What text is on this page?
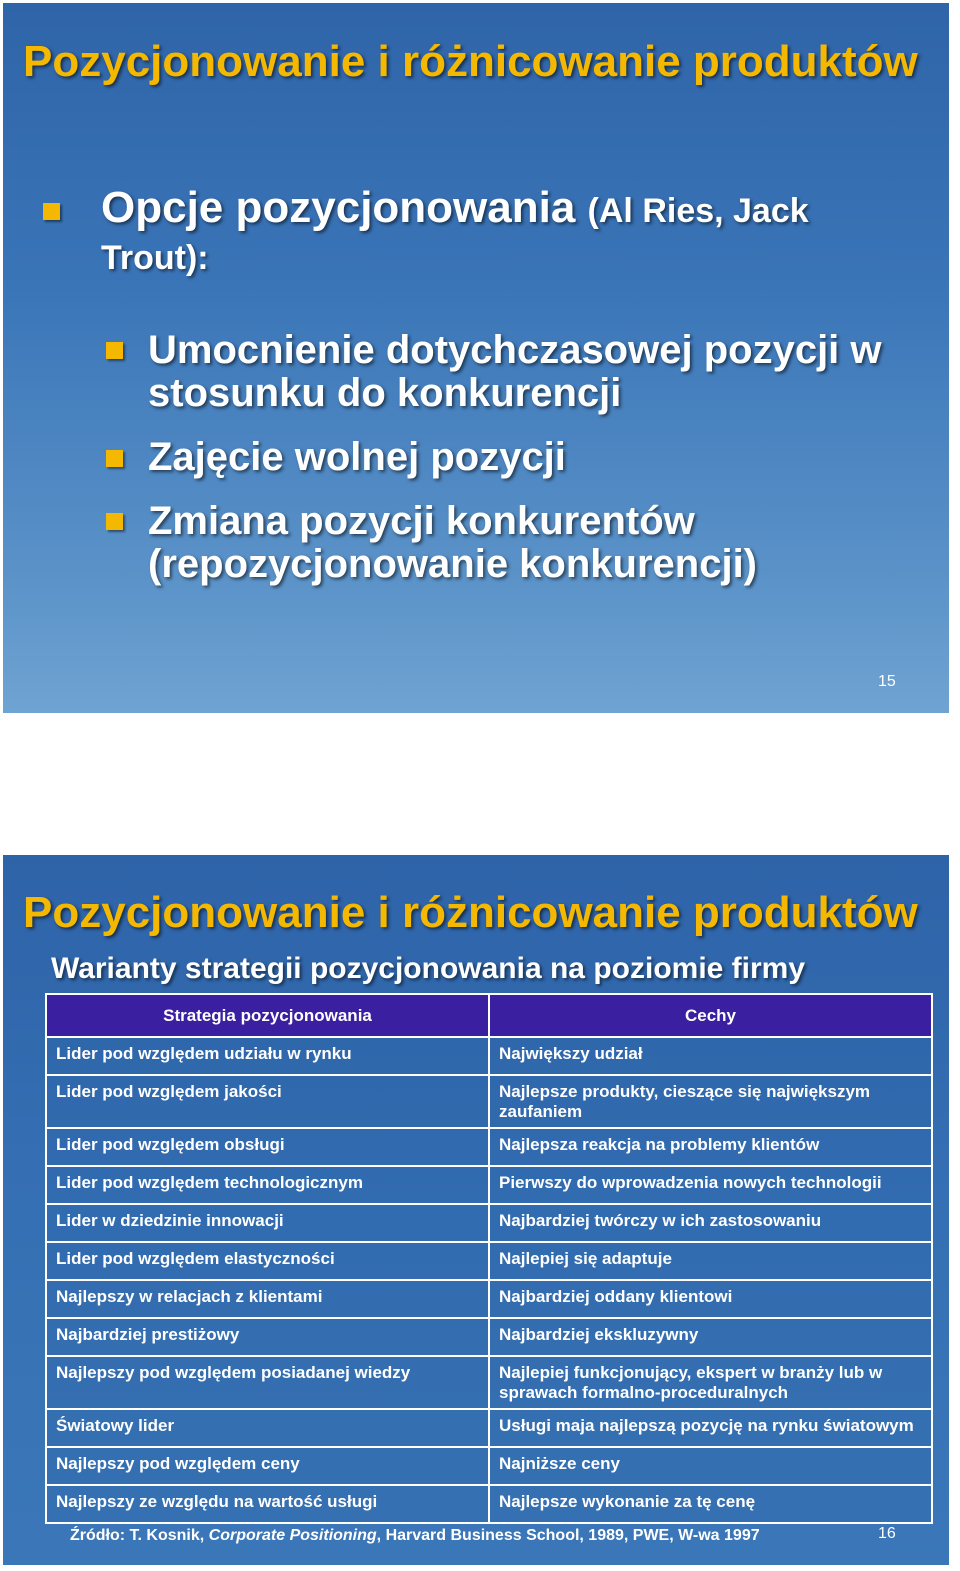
Pozycjonowanie i różnicowanie produktów
Opcje pozycjonowania (Al Ries, Jack Trout):
Umocnienie dotychczasowej pozycji w stosunku do konkurencji
Zajęcie wolnej pozycji
Zmiana pozycji konkurentów (repozycjonowanie konkurencji)
15
Pozycjonowanie i różnicowanie produktów
Warianty strategii pozycjonowania na poziomie firmy
Strategia pozycjonowania	Cechy
Lider pod względem udziału w rynku	Największy udział
Lider pod względem jakości	Najlepsze produkty, cieszące się największym zaufaniem
Lider pod względem obsługi	Najlepsza reakcja na problemy klientów
Lider pod względem technologicznym	Pierwszy do wprowadzenia nowych technologii
Lider w dziedzinie innowacji	Najbardziej twórczy w ich zastosowaniu
Lider pod względem elastyczności	Najlepiej się adaptuje
Najlepszy w relacjach z klientami	Najbardziej oddany klientowi
Najbardziej prestiżowy	Najbardziej ekskluzywny
Najlepszy pod względem posiadanej wiedzy	Najlepiej funkcjonujący, ekspert w branży lub w sprawach formalno-proceduralnych
Światowy lider	Usługi maja najlepszą pozycję na rynku światowym
Najlepszy pod względem ceny	Najniższe ceny
Najlepszy ze względu na wartość usługi	Najlepsze wykonanie za tę cenę
Źródło: T. Kosnik, Corporate Positioning, Harvard Business School, 1989, PWE, W-wa 1997	16
